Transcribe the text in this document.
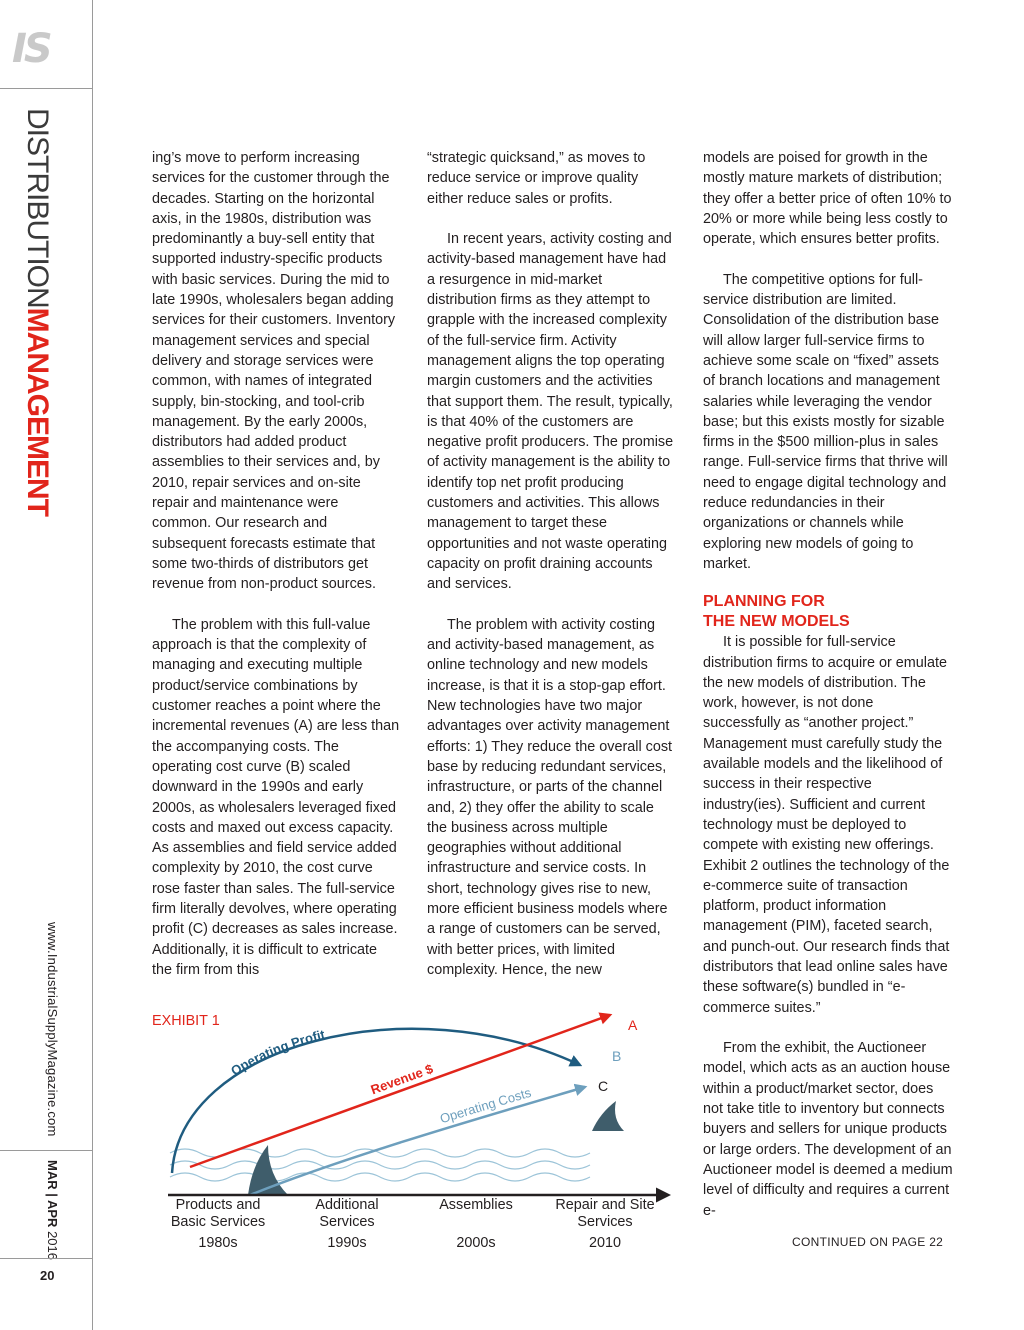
IS
DISTRIBUTIONMANAGEMENT
www.IndustrialSupplyMagazine.com
MAR | APR 2016
20

ing’s move to perform increasing services for the customer through the decades. Starting on the horizontal axis, in the 1980s, distribution was predominantly a buy-sell entity that supported industry-specific products with basic services. During the mid to late 1990s, wholesalers began adding services for their customers. Inventory management services and special delivery and storage services were common, with names of integrated supply, bin-stocking, and tool-crib management. By the early 2000s, distributors had added product assemblies to their services and, by 2010, repair services and on-site repair and maintenance were common. Our research and subsequent forecasts estimate that some two-thirds of distributors get revenue from non-product sources.

The problem with this full-value approach is that the complexity of managing and executing multiple product/service combinations by customer reaches a point where the incremental revenues (A) are less than the accompanying costs. The operating cost curve (B) scaled downward in the 1990s and early 2000s, as wholesalers leveraged fixed costs and maxed out excess capacity. As assemblies and field service added complexity by 2010, the cost curve rose faster than sales. The full-service firm literally devolves, where operating profit (C) decreases as sales increase. Additionally, it is difficult to extricate the firm from this

“strategic quicksand,” as moves to reduce service or improve quality either reduce sales or profits.

In recent years, activity costing and activity-based management have had a resurgence in mid-market distribution firms as they attempt to grapple with the increased complexity of the full-service firm. Activity management aligns the top operating margin customers and the activities that support them. The result, typically, is that 40% of the customers are negative profit producers. The promise of activity management is the ability to identify top net profit producing customers and activities. This allows management to target these opportunities and not waste operating capacity on profit draining accounts and services.

The problem with activity costing and activity-based management, as online technology and new models increase, is that it is a stop-gap effort. New technologies have two major advantages over activity management efforts: 1) They reduce the overall cost base by reducing redundant services, infrastructure, or parts of the channel and, 2) they offer the ability to scale the business across multiple geographies without additional infrastructure and service costs. In short, technology gives rise to new, more efficient business models where a range of customers can be served, with better prices, with limited complexity. Hence, the new

models are poised for growth in the mostly mature markets of distribution; they offer a better price of often 10% to 20% or more while being less costly to operate, which ensures better profits.

The competitive options for full-service distribution are limited. Consolidation of the distribution base will allow larger full-service firms to achieve some scale on “fixed” assets of branch locations and management salaries while leveraging the vendor base; but this exists mostly for sizable firms in the $500 million-plus in sales range. Full-service firms that thrive will need to engage digital technology and reduce redundancies in their organizations or channels while exploring new models of going to market.

PLANNING FOR
THE NEW MODELS

It is possible for full-service distribution firms to acquire or emulate the new models of distribution. The work, however, is not done successfully as “another project.” Management must carefully study the available models and the likelihood of success in their respective industry(ies). Sufficient and current technology must be deployed to compete with existing new offerings. Exhibit 2 outlines the technology of the e-commerce suite of transaction platform, product information management (PIM), faceted search, and punch-out. Our research finds that distributors that lead online sales have these software(s) bundled in “e-commerce suites.”

From the exhibit, the Auctioneer model, which acts as an auction house within a product/market sector, does not take title to inventory but connects buyers and sellers for unique products or large orders. The development of an Auctioneer model is deemed a medium level of difficulty and requires a current e-

CONTINUED ON PAGE 22
EXHIBIT 1
Operating Profit
Revenue $
Operating Costs
A
B
C
Products and
Basic Services
1980s
Additional
Services
1990s
Assemblies
2000s
Repair and Site
Services
2010
